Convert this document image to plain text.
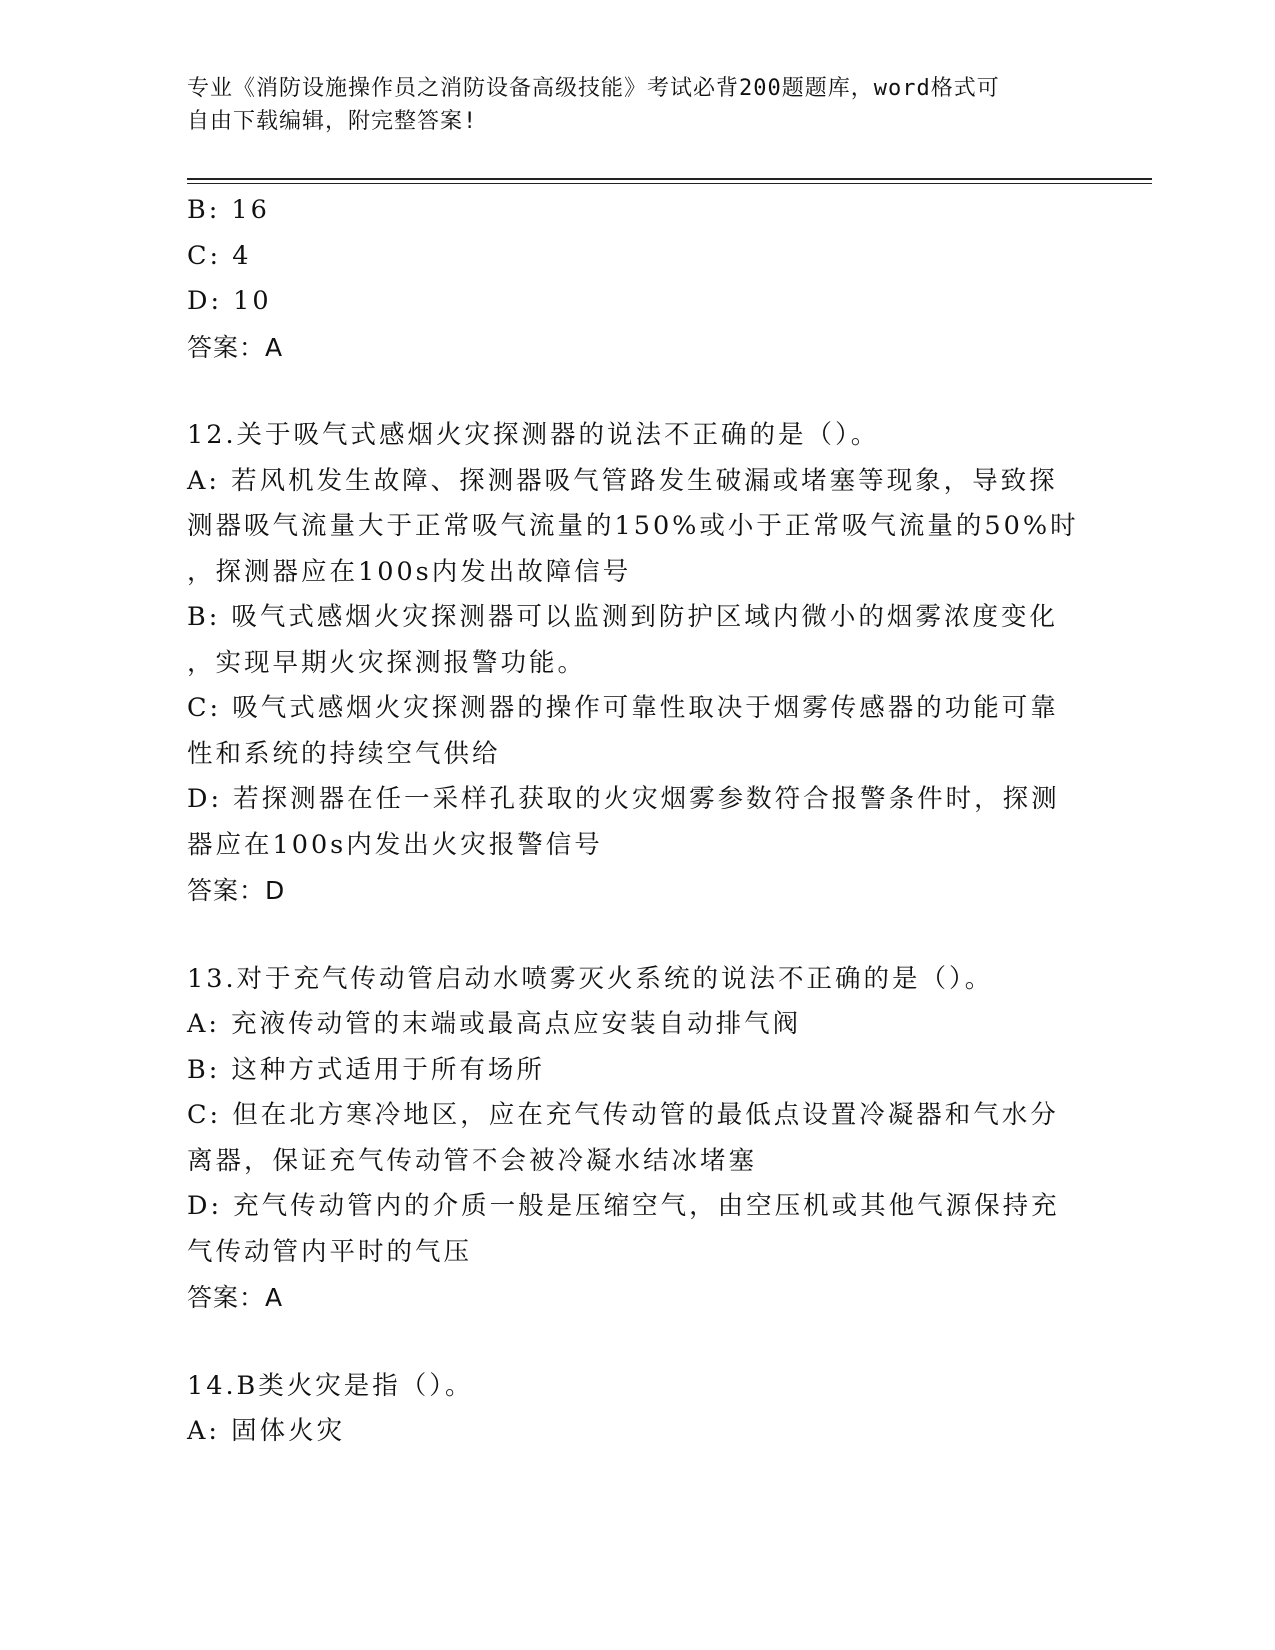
专业《消防设施操作员之消防设备高级技能》考试必背200题题库，word格式可
自由下载编辑，附完整答案!
B: 16
C: 4
D: 10
答案：A
12.关于吸气式感烟火灾探测器的说法不正确的是（）。
A: 若风机发生故障、探测器吸气管路发生破漏或堵塞等现象，导致探
测器吸气流量大于正常吸气流量的150%或小于正常吸气流量的50%时
，探测器应在100s内发出故障信号
B: 吸气式感烟火灾探测器可以监测到防护区域内微小的烟雾浓度变化
，实现早期火灾探测报警功能。
C: 吸气式感烟火灾探测器的操作可靠性取决于烟雾传感器的功能可靠
性和系统的持续空气供给
D: 若探测器在任一采样孔获取的火灾烟雾参数符合报警条件时，探测
器应在100s内发出火灾报警信号
答案：D
13.对于充气传动管启动水喷雾灭火系统的说法不正确的是（）。
A: 充液传动管的末端或最高点应安装自动排气阀
B: 这种方式适用于所有场所
C: 但在北方寒冷地区，应在充气传动管的最低点设置冷凝器和气水分
离器，保证充气传动管不会被冷凝水结冰堵塞
D: 充气传动管内的介质一般是压缩空气，由空压机或其他气源保持充
气传动管内平时的气压
答案：A
14.B类火灾是指（）。
A: 固体火灾
